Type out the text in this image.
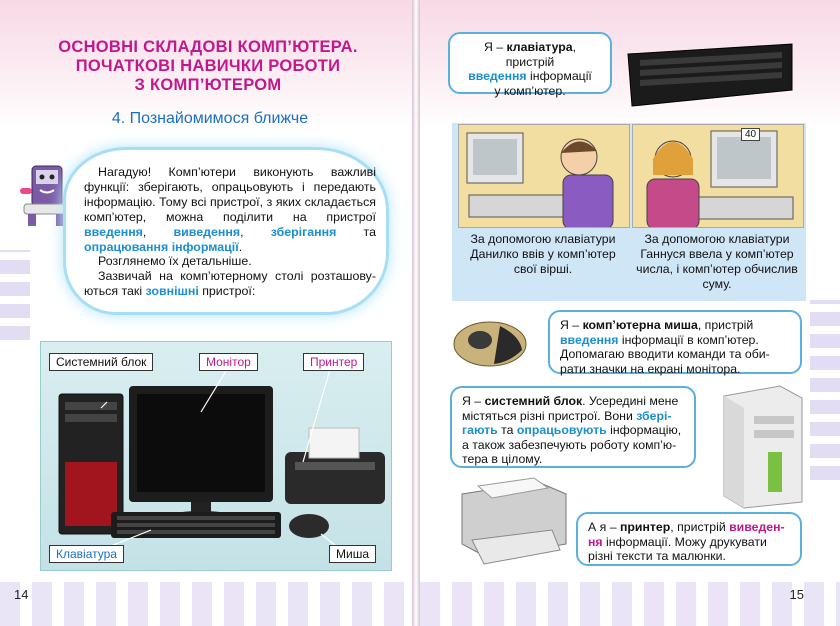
ОСНОВНІ СКЛАДОВІ КОМП’ЮТЕРА.
ПОЧАТКОВІ НАВИЧКИ РОБОТИ
З КОМП’ЮТЕРОМ
4. Познайомимося ближче

Нагадую! Комп’ютери виконують важливі функції: зберігають, опрацьовують і передають інформацію. Тому всі пристрої, з яких складається комп’ютер, можна поділити на пристрої введення, виведення, зберігання та опрацювання інформації.

Розглянемо їх детальніше.

Зазвичай на комп’ютерному столі розташовуються такі зовнішні пристрої:

Системний блок	Монітор	Принтер
Клавіатура	Миша
14	15
Я – клавіатура, пристрій
введення інформації
у комп’ютер.
40
За допомогою клавіатури Данилко ввів у комп’ютер свої вірші.
За допомогою клавіатури Ганнуся ввела у комп’ютер числа, і комп’ютер обчислив суму.
Я – комп’ютерна миша, пристрій введення інформації в комп’ютер. Допомагаю вводити команди та обирати значки на екрані монітора.
Я – системний блок. Усередині мене містяться різні пристрої. Вони зберігають та опрацьовують інформацію, а також забезпечують роботу комп’ютера в цілому.
А я – принтер, пристрій виведення інформації. Можу друкувати різні тексти та малюнки.
